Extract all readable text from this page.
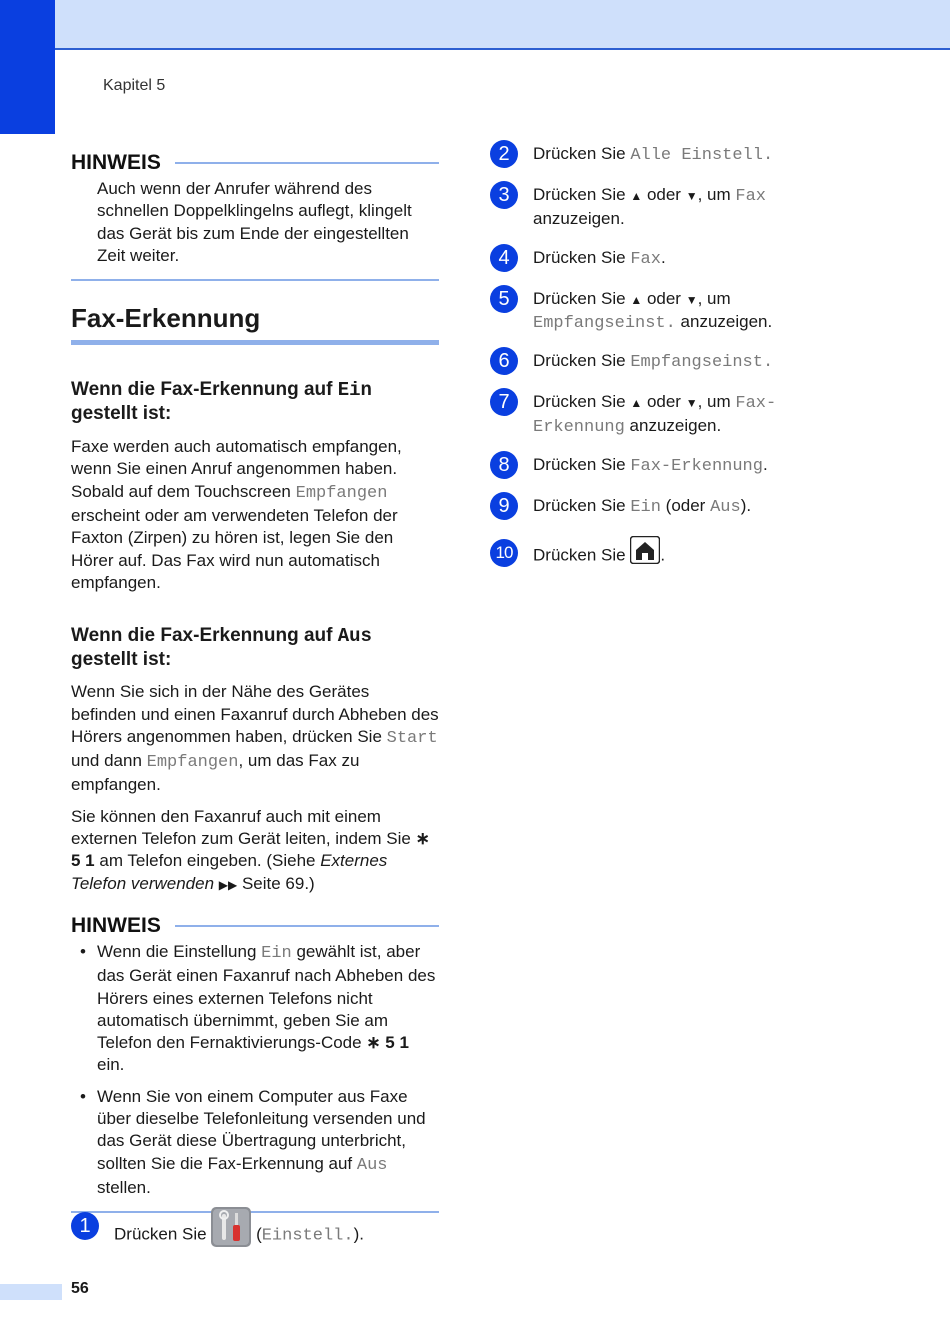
Kapitel 5
HINWEIS
Auch wenn der Anrufer während des schnellen Doppelklingelns auflegt, klingelt das Gerät bis zum Ende der eingestellten Zeit weiter.
Fax-Erkennung
Wenn die Fax-Erkennung auf Ein
gestellt ist:
Faxe werden auch automatisch empfangen, wenn Sie einen Anruf angenommen haben. Sobald auf dem Touchscreen Empfangen erscheint oder am verwendeten Telefon der Faxton (Zirpen) zu hören ist, legen Sie den Hörer auf. Das Fax wird nun automatisch empfangen.
Wenn die Fax-Erkennung auf Aus
gestellt ist:
Wenn Sie sich in der Nähe des Gerätes befinden und einen Faxanruf durch Abheben des Hörers angenommen haben, drücken Sie Start und dann Empfangen, um das Fax zu empfangen.
Sie können den Faxanruf auch mit einem externen Telefon zum Gerät leiten, indem Sie ∗ 5 1 am Telefon eingeben. (Siehe Externes Telefon verwenden ▶▶ Seite 69.)
HINWEIS
• Wenn die Einstellung Ein gewählt ist, aber das Gerät einen Faxanruf nach Abheben des Hörers eines externen Telefons nicht automatisch übernimmt, geben Sie am Telefon den Fernaktivierungs-Code ∗ 5 1 ein.
• Wenn Sie von einem Computer aus Faxe über dieselbe Telefonleitung versenden und das Gerät diese Übertragung unterbricht, sollten Sie die Fax-Erkennung auf Aus stellen.
1	Drücken Sie	(Einstell.).
2	Drücken Sie Alle Einstell.
3	Drücken Sie ▲ oder ▼, um Fax anzuzeigen.
4	Drücken Sie Fax.
5	Drücken Sie ▲ oder ▼, um Empfangseinst. anzuzeigen.
6	Drücken Sie Empfangseinst.
7	Drücken Sie ▲ oder ▼, um Fax-Erkennung anzuzeigen.
8	Drücken Sie Fax-Erkennung.
9	Drücken Sie Ein (oder Aus).
10	Drücken Sie .
56
